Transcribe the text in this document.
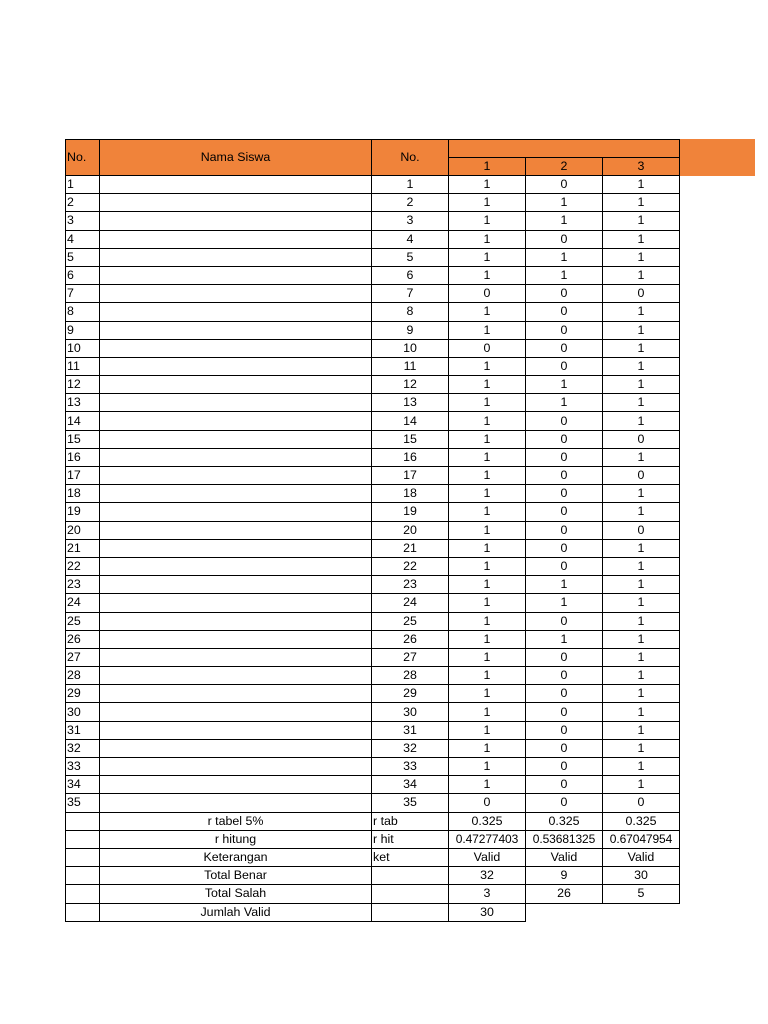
No.	Nama Siswa	No.			
			1	2	3
1		1	1	0	1
2		2	1	1	1
3		3	1	1	1
4		4	1	0	1
5		5	1	1	1
6		6	1	1	1
7		7	0	0	0
8		8	1	0	1
9		9	1	0	1
10		10	0	0	1
11		11	1	0	1
12		12	1	1	1
13		13	1	1	1
14		14	1	0	1
15		15	1	0	0
16		16	1	0	1
17		17	1	0	0
18		18	1	0	1
19		19	1	0	1
20		20	1	0	0
21		21	1	0	1
22		22	1	0	1
23		23	1	1	1
24		24	1	1	1
25		25	1	0	1
26		26	1	1	1
27		27	1	0	1
28		28	1	0	1
29		29	1	0	1
30		30	1	0	1
31		31	1	0	1
32		32	1	0	1
33		33	1	0	1
34		34	1	0	1
35		35	0	0	0
	r tabel 5%	r tab	0.325	0.325	0.325
	r hitung	r hit	0.47277403	0.53681325	0.67047954
	Keterangan	ket	Valid	Valid	Valid
	Total Benar		32	9	30
	Total Salah		3	26	5
	Jumlah Valid		30		
